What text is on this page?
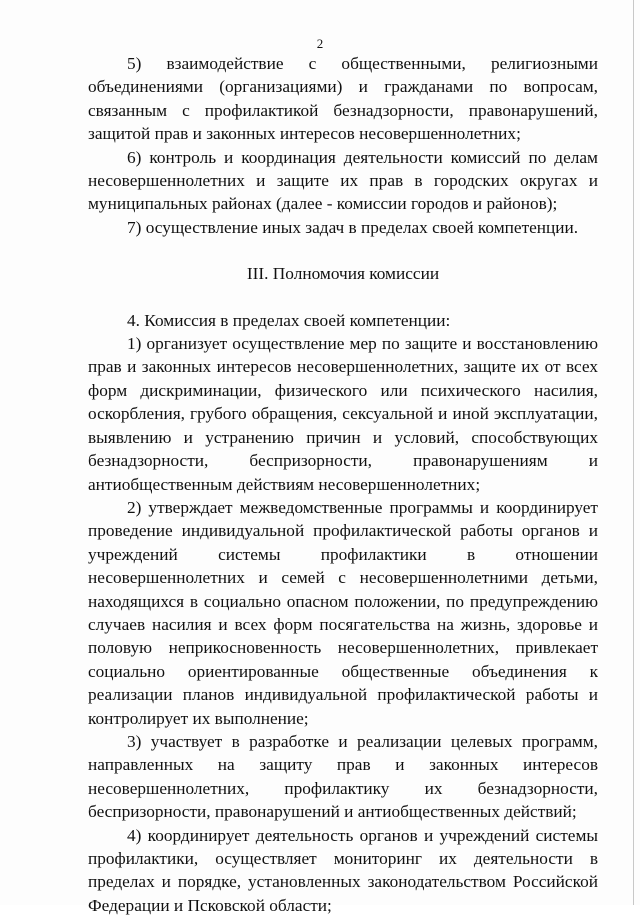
2

5) взаимодействие с общественными, религиозными объединениями (организациями) и гражданами по вопросам, связанным с профилактикой безнадзорности, правонарушений, защитой прав и законных интересов несовершеннолетних;

6) контроль и координация деятельности комиссий по делам несовершеннолетних и защите их прав в городских округах и муниципальных районах (далее - комиссии городов и районов);

7) осуществление иных задач в пределах своей компетенции.

III. Полномочия комиссии

4. Комиссия в пределах своей компетенции:

1) организует осуществление мер по защите и восстановлению прав и законных интересов несовершеннолетних, защите их от всех форм дискриминации, физического или психического насилия, оскорбления, грубого обращения, сексуальной и иной эксплуатации, выявлению и устранению причин и условий, способствующих безнадзорности, беспризорности, правонарушениям и антиобщественным действиям несовершеннолетних;

2) утверждает межведомственные программы и координирует проведение индивидуальной профилактической работы органов и учреждений системы профилактики в отношении несовершеннолетних и семей с несовершеннолетними детьми, находящихся в социально опасном положении, по предупреждению случаев насилия и всех форм посягательства на жизнь, здоровье и половую неприкосновенность несовершеннолетних, привлекает социально ориентированные общественные объединения к реализации планов индивидуальной профилактической работы и контролирует их выполнение;

3) участвует в разработке и реализации целевых программ, направленных на защиту прав и законных интересов несовершеннолетних, профилактику их безнадзорности, беспризорности, правонарушений и антиобщественных действий;

4) координирует деятельность органов и учреждений системы профилактики, осуществляет мониторинг их деятельности в пределах и порядке, установленных законодательством Российской Федерации и Псковской области;
